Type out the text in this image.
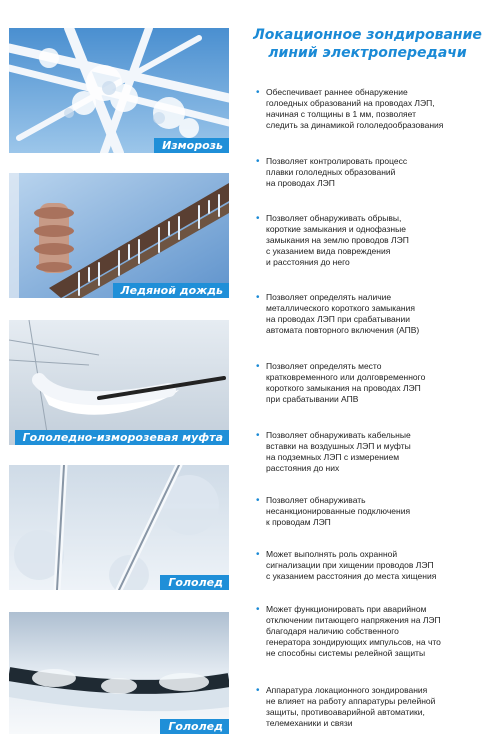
Локационное зондирование
линий электропередачи
Изморозь
Ледяной дождь
Гололедно-изморозевая муфта
Гололед
Гололед
• Обеспечивает раннее обнаружение
голоедных образований на проводах ЛЭП,
начиная с толщины в 1 мм, позволяет
следить за динамикой гололедообразования
• Позволяет контролировать процесс
плавки гололедных образований
на проводах ЛЭП
• Позволяет обнаруживать обрывы,
короткие замыкания и однофазные
замыкания на землю проводов ЛЭП
с указанием вида повреждения
и расстояния до него
• Позволяет определять наличие
металлического короткого замыкания
на проводах ЛЭП при срабатывании
автомата повторного включения (АПВ)
• Позволяет определять место
кратковременного или долговременного
короткого замыкания на проводах ЛЭП
при срабатывании АПВ
• Позволяет обнаруживать кабельные
вставки на воздушных ЛЭП и муфты
на подземных ЛЭП с измерением
расстояния до них
• Позволяет обнаруживать
несанкционированные подключения
к проводам ЛЭП
• Может выполнять роль охранной
сигнализации при хищении проводов ЛЭП
с указанием расстояния до места хищения
• Может функционировать при аварийном
отключении питающего напряжения на ЛЭП
благодаря наличию собственного
генератора зондирующих импульсов, на что
не способны системы релейной защиты
• Аппаратура локационного зондирования
не влияет на работу аппаратуры релейной
защиты, противоаварийной автоматики,
телемеханики и связи
